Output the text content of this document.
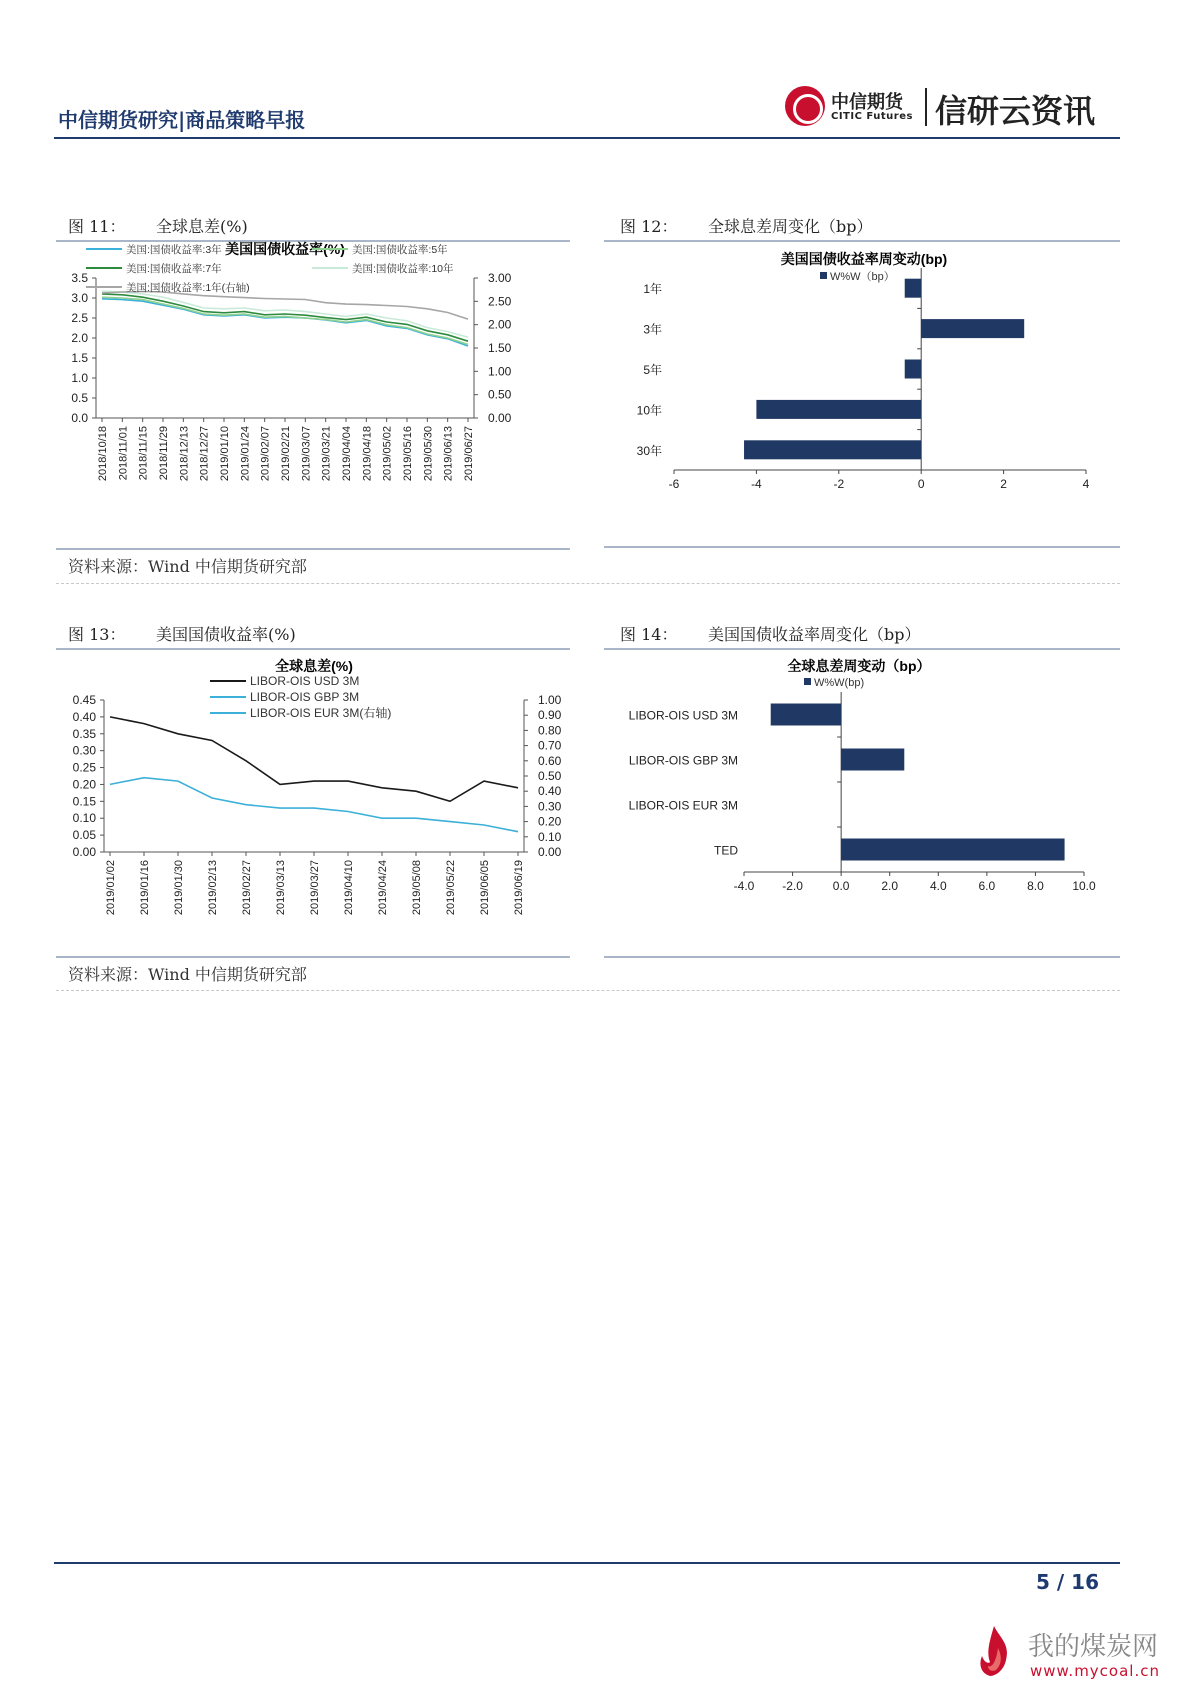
中信期货研究|商品策略早报
中信期货
CITIC Futures 信研云资讯
图 11： 全球息差(%)	图 12： 全球息差周变化（bp）
美国国债收益率(%)
0.0
0.5
1.0
1.5
2.0
2.5
3.0
3.5
0.00
0.50
1.00
1.50
2.00
2.50
3.00
2018/10/18 2018/11/01 2018/11/15 2018/11/29 2018/12/13 2018/12/27 2019/01/10 2019/01/24 2019/02/07 2019/02/21 2019/03/07 2019/03/21 2019/04/04 2019/04/18 2019/05/02 2019/05/16 2019/05/30 2019/06/13 2019/06/27
美国:国债收益率:3年	美国:国债收益率:5年
美国:国债收益率:7年	美国:国债收益率:10年
美国:国债收益率:1年(右轴)
美国国债收益率周变动(bp)
W%W（bp）
-6	-4	-2	0	2	4
1年
3年
5年
10年
30年
资料来源：Wind 中信期货研究部
图 13： 美国国债收益率(%)	图 14： 美国国债收益率周变化（bp）
全球息差(%)
0.00
0.05
0.10
0.15
0.20
0.25
0.30
0.35
0.40
0.45
0.00
0.10
0.20
0.30
0.40
0.50
0.60
0.70
0.80
0.90
1.00
2019/01/02 2019/01/16 2019/01/30 2019/02/13 2019/02/27 2019/03/13 2019/03/27 2019/04/10 2019/04/24 2019/05/08 2019/05/22 2019/06/05 2019/06/19
LIBOR-OIS USD 3M
LIBOR-OIS GBP 3M
LIBOR-OIS EUR 3M(右轴)
全球息差周变动（bp）
W%W(bp)
-4.0 -2.0 0.0	2.0	4.0	6.0	8.0 10.0
LIBOR-OIS USD 3M
LIBOR-OIS GBP 3M
LIBOR-OIS EUR 3M
TED
资料来源：Wind 中信期货研究部
5 / 16
我的煤炭网
www.mycoal.cn
